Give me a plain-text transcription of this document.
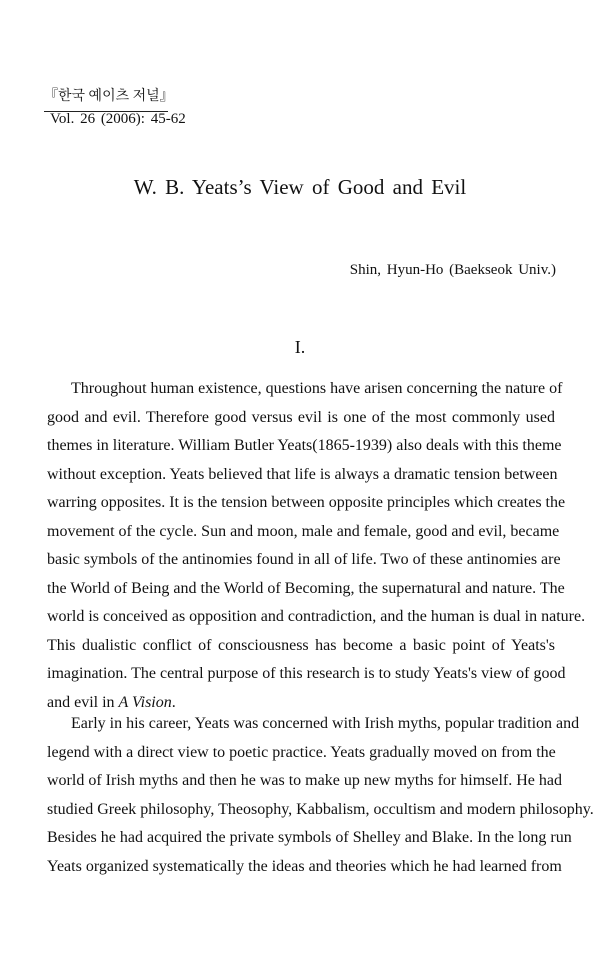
『한국 예이츠 저널』
Vol. 26 (2006): 45-62
W. B. Yeats’s View of Good and Evil
Shin, Hyun-Ho (Baekseok Univ.)
I.
Throughout human existence, questions have arisen concerning the nature of
good and evil. Therefore good versus evil is one of the most commonly used
themes in literature. William Butler Yeats(1865-1939) also deals with this theme
without exception. Yeats believed that life is always a dramatic tension between
warring opposites. It is the tension between opposite principles which creates the
movement of the cycle. Sun and moon, male and female, good and evil, became
basic symbols of the antinomies found in all of life. Two of these antinomies are
the World of Being and the World of Becoming, the supernatural and nature. The
world is conceived as opposition and contradiction, and the human is dual in nature.
This dualistic conflict of consciousness has become a basic point of Yeats's
imagination. The central purpose of this research is to study Yeats's view of good
and evil in A Vision.
Early in his career, Yeats was concerned with Irish myths, popular tradition and
legend with a direct view to poetic practice. Yeats gradually moved on from the
world of Irish myths and then he was to make up new myths for himself. He had
studied Greek philosophy, Theosophy, Kabbalism, occultism and modern philosophy.
Besides he had acquired the private symbols of Shelley and Blake. In the long run
Yeats organized systematically the ideas and theories which he had learned from
